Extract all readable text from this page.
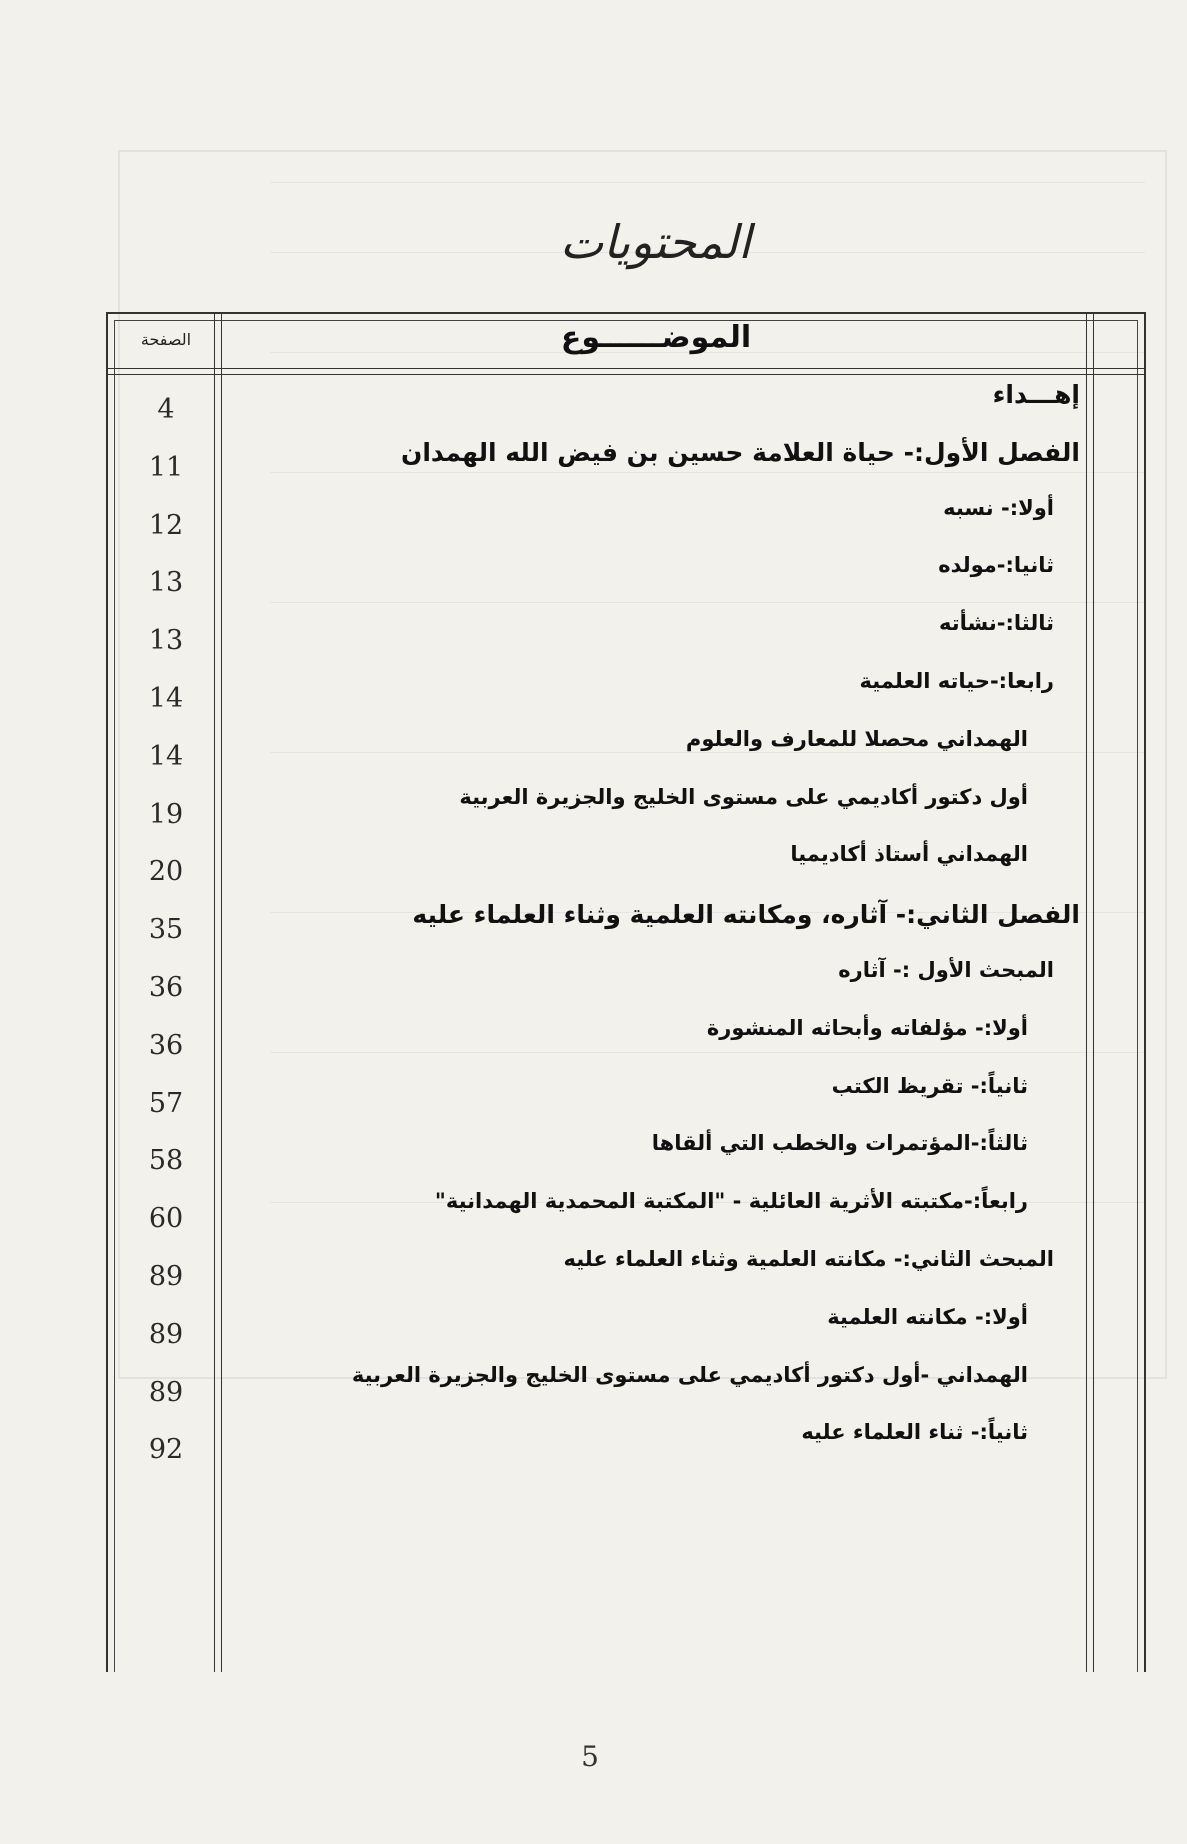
المحتويات
الصفحة	الموضــــــوع
إهـــداء
4
الفصل الأول:- حياة العلامة حسين بن فيض الله الهمدان
11
أولا:- نسبه
12
ثانيا:-مولده
13
ثالثا:-نشأته
13
رابعا:-حياته العلمية
14
الهمداني محصلا للمعارف والعلوم
14
أول دكتور أكاديمي على مستوى الخليج والجزيرة العربية
19
الهمداني أستاذ أكاديميا
20
الفصل الثاني:- آثاره، ومكانته العلمية وثناء العلماء عليه
35
المبحث الأول :- آثاره
36
أولا:- مؤلفاته وأبحاثه المنشورة
36
ثانياً:- تقريظ الكتب
57
ثالثاً:-المؤتمرات والخطب التي ألقاها
58
رابعاً:-مكتبته الأثرية العائلية - "المكتبة المحمدية الهمدانية"
60
المبحث الثاني:- مكانته العلمية وثناء العلماء عليه
89
أولا:- مكانته العلمية
89
الهمداني -أول دكتور أكاديمي على مستوى الخليج والجزيرة العربية
89
ثانياً:- ثناء العلماء عليه
92
5
